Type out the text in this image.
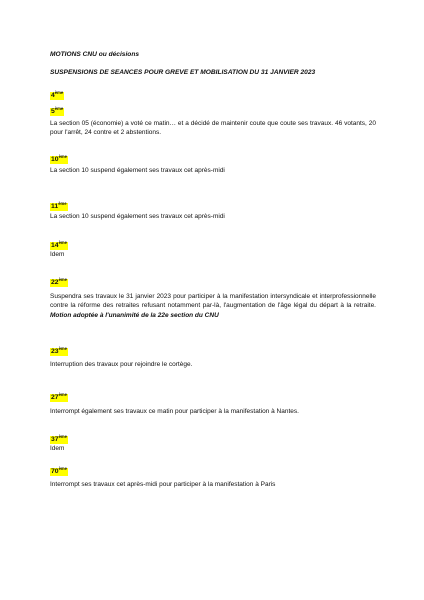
MOTIONS CNU ou décisions

SUSPENSIONS DE SEANCES POUR GREVE ET MOBILISATION DU 31 JANVIER 2023

4ème
5ème

La section 05 (économie) a voté ce matin… et a décidé de maintenir coute que coute ses travaux. 46 votants, 20 pour l'arrêt, 24 contre et 2 abstentions.

10ème

La section 10 suspend également ses travaux cet après-midi

11ème

La section 10 suspend également ses travaux cet après-midi

14ème

Idem

22ème

Suspendra ses travaux le 31 janvier 2023 pour participer à la manifestation intersyndicale et interprofessionnelle contre la réforme des retraites refusant notamment par-là, l'augmentation de l'âge légal du départ à la retraite. Motion adoptée à l'unanimité de la 22e section du CNU

23ème

Interruption des travaux pour rejoindre le cortège.

27ème

Interrompt également ses travaux ce matin pour participer à la manifestation à Nantes.

37ème

Idem

70ème

Interrompt ses travaux cet après-midi pour participer à la manifestation à Paris
